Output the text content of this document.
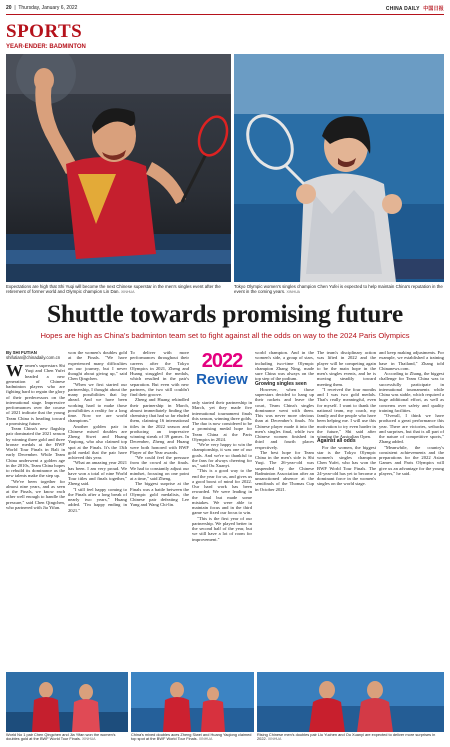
20  |  Thursday, January 6, 2022	CHINA DAILY 中国日报
SPORTS
YEAR-ENDER: BADMINTON
Expectations are high that Shi Yuqi will become the next Chinese superstar in the men's singles event after the retirement of former world and Olympic champion Lin Dan. XINHUA
Tokyo Olympic women's singles champion Chen Yufei is expected to help maintain China's reputation in the event in the coming years. XINHUA
Shuttle towards promising future
Hopes are high as China's badminton team set to fight against all the odds on way to the 2024 Paris Olympics
By SHI FUTIAN
shifutian@chinadaily.com.cn

Women's superstars Shi Yuqi and Chen Yufei headed a new generation of Chinese badminton players who are fighting hard to regain the glory of their predecessors on the international stage. Impressive performances over the course of 2021 indicate that the young Team China is heading toward a promising future.

Team China's new flagship pair dominated the 2021 season by winning three gold and three bronze medals at the BWF World Tour Finals in Bali in early December. While Team China underwent a golden age in the 2010s, Team China hopes to rebuild its dominance as the new talents make the step up.

"We've been together for almost nine years, and as seen at the Finals, we know each other well enough to handle the pressure," said Chen Qingchen, who partnered with Jia Yifan.

won the women's doubles gold at the Finals. "We have experienced many difficulties on our journey, but I never thought about giving up," said Chen Qingchen.

"When we first started our partnership, I thought about the many possibilities that lay ahead. And we have been working hard to make those possibilities a reality for a long time. Now we are world champions."

Another golden pair in Chinese mixed doubles are Zheng Siwei and Huang Yaqiong, who also claimed top spot at the Finals. It's the 13th gold medal that the pair have achieved this year.

"What an amazing year 2021 has been. I am very proud. We have won a total of nine World Tour titles and finals together," Zheng said.

"I still feel happy coming to the Finals after a long break of nearly two years," Huang added. "I'm happy ending in 2021."

To deliver with more performances throughout their careers after the Tokyo Olympics in 2021, Zheng and Huang struggled the medals, which resulted in the pair's separation. But even with new partners, the two still couldn't find their groove.

Zheng and Huang rekindled their partnership in March, almost immediately finding the chemistry that had so far eluded them, claiming 16 international titles in the 2022 season and producing an impressive winning streak of 39 games. In December, Zheng and Huang were both honored with BWF Player of the Year awards.

"We could feel the pressure from the crowd at the finals. We had to constantly adjust our mindset, focusing on one point at a time," said Zheng.

The biggest surprise at the Finals was a battle between the Olympic gold medalists, the Chinese pair defeating Lee Yang and Wang Chi-lin.

2022
Review

only started their partnership in March, yet they made five international tournament finals this season, winning three golds. The duo is now considered to be a promising medal hope for Team China at the Paris Olympics in 2024.

"We're very happy to win the championship, it was one of our goals. And we're so thankful to the fans for always cheering for us," said Ou Xuanyi.

"This is a good way to the end the year for us, and gives us a good boost of mind for 2022. Our hard work has been rewarded. We were leading in the final but made some mistakes. We were able to maintain focus and in the third game we fixed our focus to win.

"This is the first year of our partnership. We played better in the second half of the year, but we still have a lot of room for improvement."

world champion. And in the women's side, a group of stars, including two-time Olympic champion Zhang Ning, made sure China was always on the top step of the podium.

Growing singles seen

However, when those superstars decided to hang up their rackets and leave the court, Team China's singles dominance went with them. This was never more obvious than at December's finals. No Chinese player made it into the men's singles final, while two Chinese women finished in third and fourth places respectively.

The best hope for Team China in the men's side is Shi Yuqi. The 26-year-old was suspended by the Chinese Badminton Association after an unsanctioned absence at the semifinals of the Thomas Cup in October 2021.

The team's disciplinary action was lifted in 2022 and the player will be competing again to be the main hope in the men's singles events, and he is moving steadily toward meeting them.

"I received the four months and I was two gold medals. That's really meaningful, even for myself. I want to thank the national team, my coach, my family and the people who have been helping me. I will use this motivation to try even harder in the future," Shi said after winning the Australian Open.

Against all odds

For the women, the biggest star is the Tokyo Olympic women's singles champion Chen Yufei, who has won the BWF World Tour Finals. The 24-year-old has yet to become a dominant force in the women's singles on the world stage.

and keep making adjustments. For example, we established a training base in Thailand," Zhang told Chinanews.com.

According to Zhang, the biggest challenge for Team China was to successfully participate in international tournaments while China was stable, which required a huge additional effort, as well as concerns over safety and quality training facilities.

"Overall, I think we have produced a great performance this year. There are victories, setbacks and surprises, but that is all part of the nature of competitive sports," Zhang added.

"Meanwhile, the country's consistent achievements and the preparations for the 2022 Asian Games and Paris Olympics will give us an advantage for the young players," he said.

World No 1 pair Chen Qingchen and Jia Yifan won the women's doubles gold at the BWF World Tour Finals. XINHUA
China's mixed doubles aces Zheng Siwei and Huang Yaqiong claimed top spot at the BWF World Tour Finals. XINHUA
Rising Chinese men's doubles pair Liu Yuchen and Ou Xuanyi are expected to deliver more surprises in 2022. XINHUA
